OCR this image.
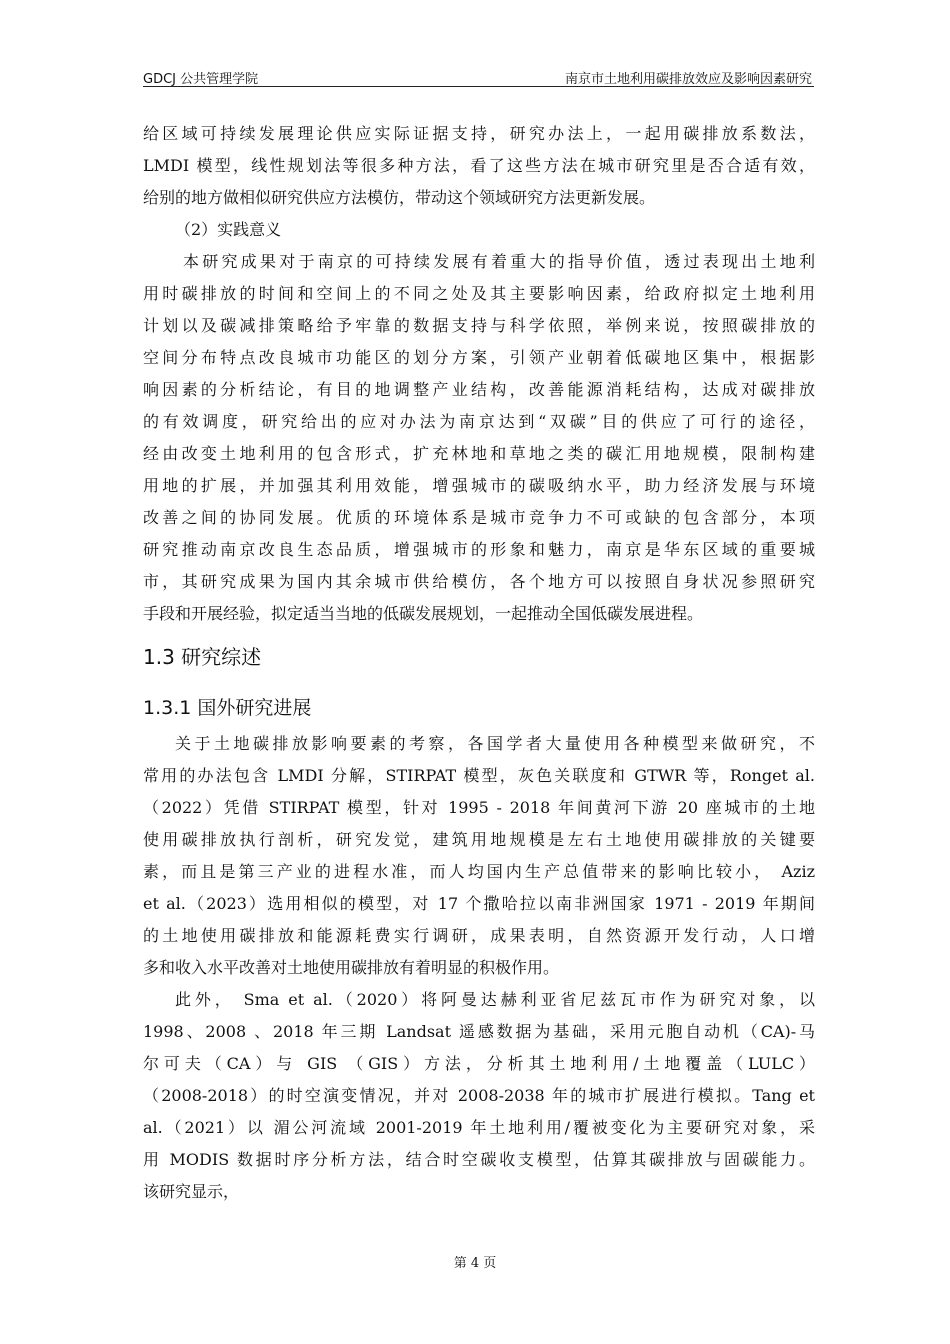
GDCJ 公共管理学院	南京市土地利用碳排放效应及影响因素研究
给区域可持续发展理论供应实际证据支持，研究办法上，一起用碳排放系数法，
LMDI 模型，线性规划法等很多种方法，看了这些方法在城市研究里是否合适有效，
给别的地方做相似研究供应方法模仿，带动这个领域研究方法更新发展。
（2）实践意义
本研究成果对于南京的可持续发展有着重大的指导价值，透过表现出土地利
用时碳排放的时间和空间上的不同之处及其主要影响因素，给政府拟定土地利用
计划以及碳减排策略给予牢靠的数据支持与科学依照，举例来说，按照碳排放的
空间分布特点改良城市功能区的划分方案，引领产业朝着低碳地区集中，根据影
响因素的分析结论，有目的地调整产业结构，改善能源消耗结构，达成对碳排放
的有效调度，研究给出的应对办法为南京达到“双碳”目的供应了可行的途径，
经由改变土地利用的包含形式，扩充林地和草地之类的碳汇用地规模，限制构建
用地的扩展，并加强其利用效能，增强城市的碳吸纳水平，助力经济发展与环境
改善之间的协同发展。优质的环境体系是城市竞争力不可或缺的包含部分，本项
研究推动南京改良生态品质，增强城市的形象和魅力，南京是华东区域的重要城
市，其研究成果为国内其余城市供给模仿，各个地方可以按照自身状况参照研究
手段和开展经验，拟定适当当地的低碳发展规划，一起推动全国低碳发展进程。
1.3 研究综述
1.3.1 国外研究进展
关于土地碳排放影响要素的考察，各国学者大量使用各种模型来做研究，不
常用的办法包含 LMDI 分解，STIRPAT 模型，灰色关联度和 GTWR 等，Ronget al.
（2022）凭借 STIRPAT 模型，针对 1995 - 2018 年间黄河下游 20 座城市的土地
使用碳排放执行剖析，研究发觉，建筑用地规模是左右土地使用碳排放的关键要
素，而且是第三产业的进程水准，而人均国内生产总值带来的影响比较小， Aziz
et al.（2023）选用相似的模型，对 17 个撒哈拉以南非洲国家 1971 - 2019 年期间
的土地使用碳排放和能源耗费实行调研，成果表明，自然资源开发行动，人口增
多和收入水平改善对土地使用碳排放有着明显的积极作用。
此外， Sma et al.（2020）将阿曼达赫利亚省尼兹瓦市作为研究对象，以
1998、2008 、2018 年三期 Landsat 遥感数据为基础，采用元胞自动机（CA)-马
尔可夫（CA）与 GIS （GIS）方法，分析其土地利用/土地覆盖（LULC）
（2008-2018）的时空演变情况，并对 2008-2038 年的城市扩展进行模拟。Tang et
al.（2021）以 湄公河流域 2001-2019 年土地利用/覆被变化为主要研究对象，采
用 MODIS 数据时序分析方法，结合时空碳收支模型，估算其碳排放与固碳能力。
该研究显示，
第 4 页
